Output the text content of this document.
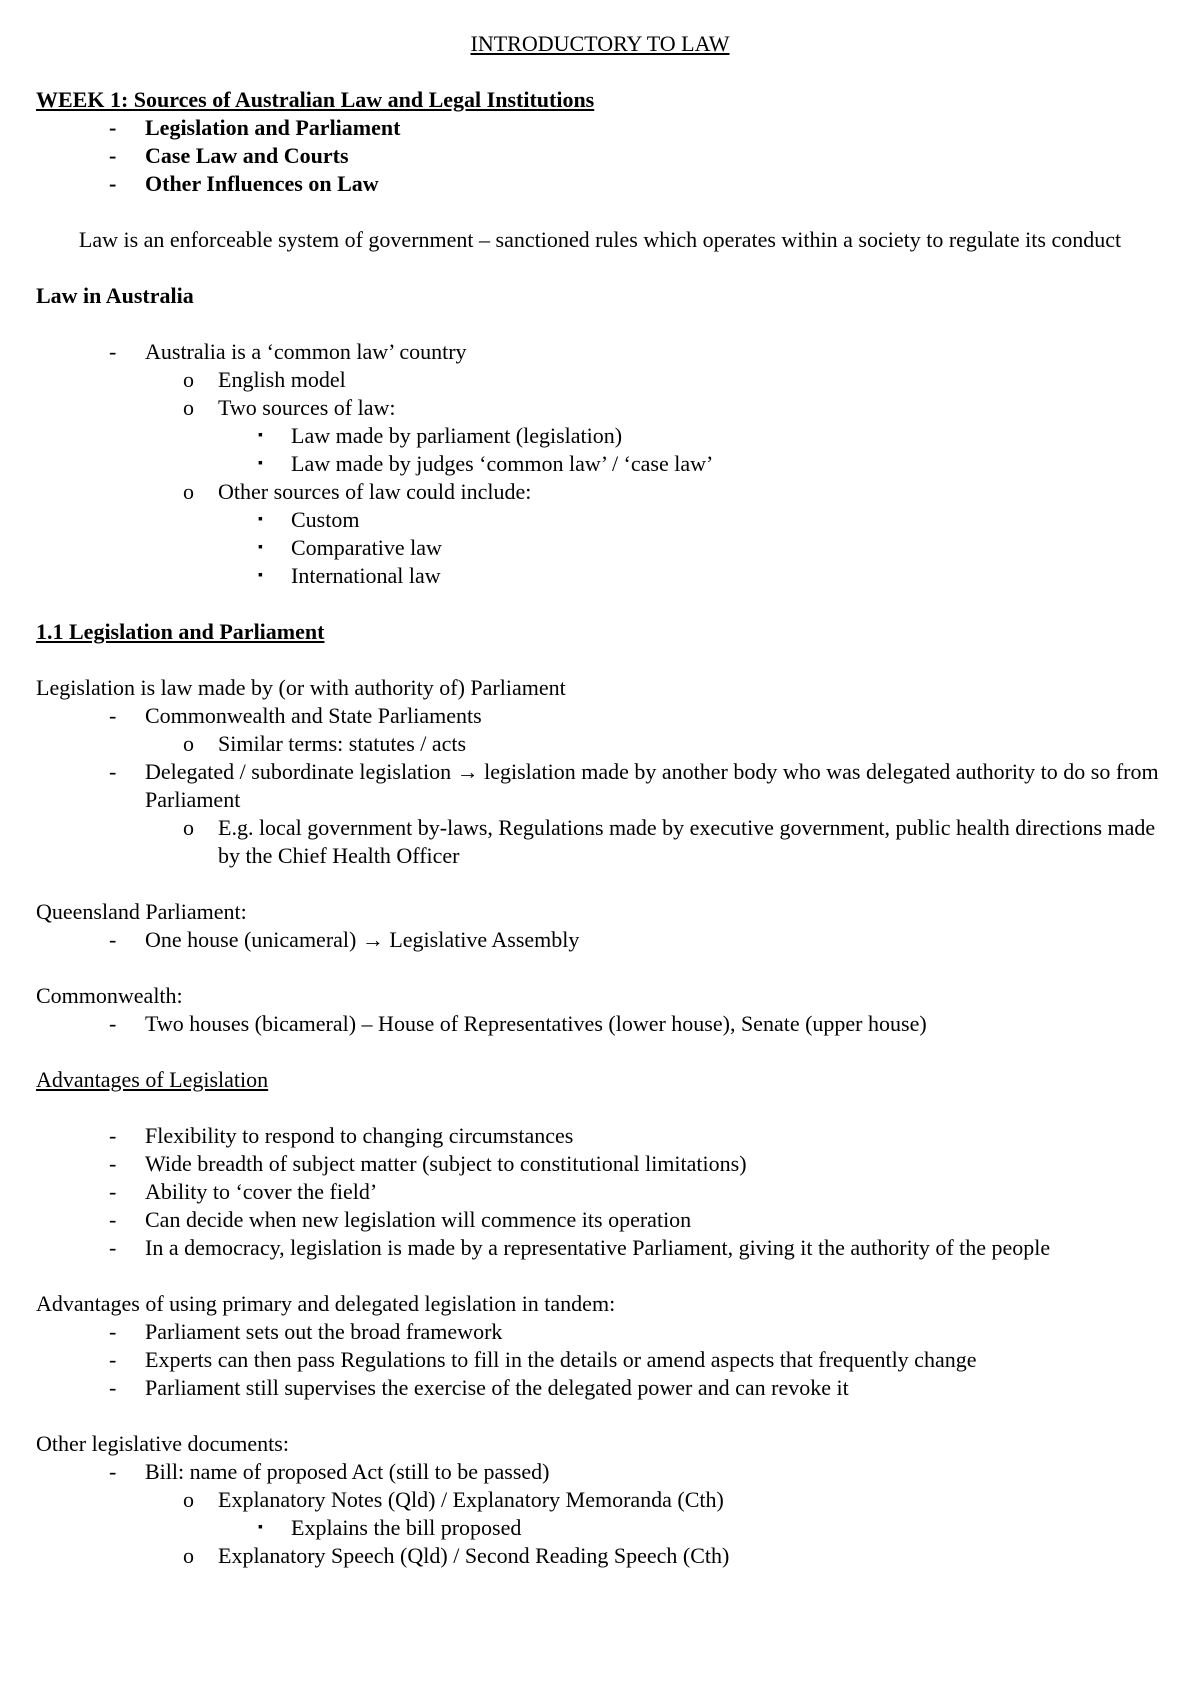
INTRODUCTORY TO LAW
WEEK 1: Sources of Australian Law and Legal Institutions
- Legislation and Parliament
- Case Law and Courts
- Other Influences on Law
Law is an enforceable system of government – sanctioned rules which operates within a society to regulate its conduct
Law in Australia
- Australia is a ‘common law’ country
o English model
o Two sources of law:
▪ Law made by parliament (legislation)
▪ Law made by judges ‘common law’ / ‘case law’
o Other sources of law could include:
▪ Custom
▪ Comparative law
▪ International law
1.1 Legislation and Parliament
Legislation is law made by (or with authority of) Parliament
- Commonwealth and State Parliaments
o Similar terms: statutes / acts
- Delegated / subordinate legislation → legislation made by another body who was delegated authority to do so from Parliament
o E.g. local government by-laws, Regulations made by executive government, public health directions made by the Chief Health Officer
Queensland Parliament:
- One house (unicameral) → Legislative Assembly
Commonwealth:
- Two houses (bicameral) – House of Representatives (lower house), Senate (upper house)
Advantages of Legislation
- Flexibility to respond to changing circumstances
- Wide breadth of subject matter (subject to constitutional limitations)
- Ability to ‘cover the field’
- Can decide when new legislation will commence its operation
- In a democracy, legislation is made by a representative Parliament, giving it the authority of the people
Advantages of using primary and delegated legislation in tandem:
- Parliament sets out the broad framework
- Experts can then pass Regulations to fill in the details or amend aspects that frequently change
- Parliament still supervises the exercise of the delegated power and can revoke it
Other legislative documents:
- Bill: name of proposed Act (still to be passed)
o Explanatory Notes (Qld) / Explanatory Memoranda (Cth)
▪ Explains the bill proposed
o Explanatory Speech (Qld) / Second Reading Speech (Cth)
